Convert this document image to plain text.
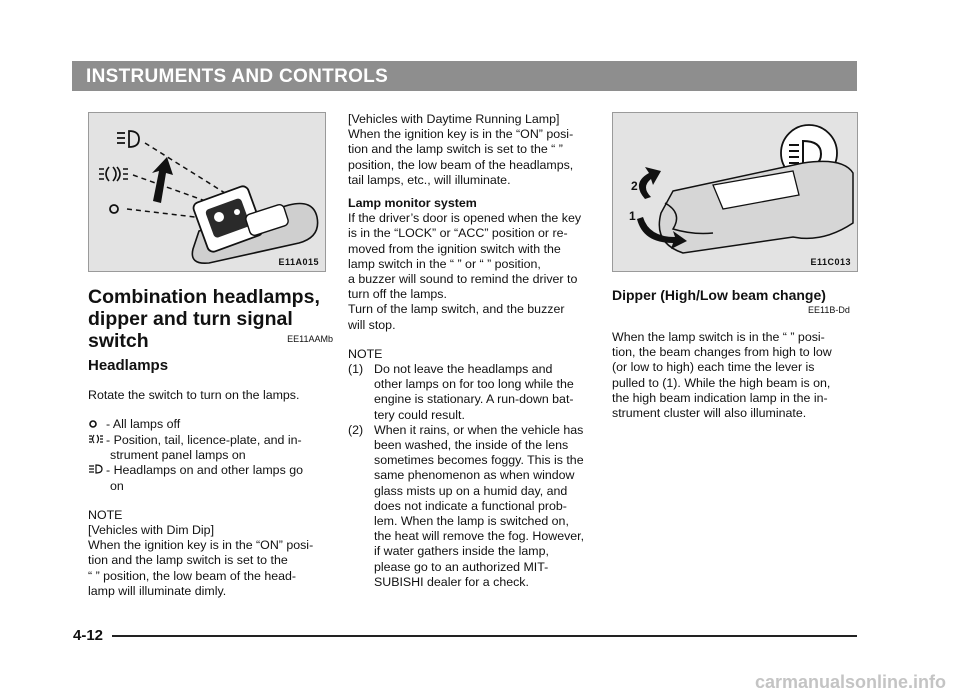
INSTRUMENTS AND CONTROLS
E11A015
Combination headlamps,
dipper and turn signal
switch	EE11AAMb

Headlamps

Rotate the switch to turn on the lamps.

- All lamps off
- Position, tail, licence-plate, and in-
strument panel lamps on
- Headlamps on and other lamps go
on

NOTE

[Vehicles with Dim Dip]

When the ignition key is in the “ON” posi-

tion and the lamp switch is set to the

“ ” position, the low beam of the head-

lamp will illuminate dimly.

[Vehicles with Daytime Running Lamp]

When the ignition key is in the “ON” posi-

tion and the lamp switch is set to the “ ”

position, the low beam of the headlamps,

tail lamps, etc., will illuminate.

Lamp monitor system

If the driver’s door is opened when the key

is in the “LOCK” or “ACC” position or re-

moved from the ignition switch with the

lamp switch in the “ ” or “ ” position,

a buzzer will sound to remind the driver to

turn off the lamps.

Turn of the lamp switch, and the buzzer

will stop.

NOTE

(1) Do not leave the headlamps and

other lamps on for too long while the

engine is stationary. A run-down bat-

tery could result.

(2) When it rains, or when the vehicle has

been washed, the inside of the lens

sometimes becomes foggy. This is the

same phenomenon as when window

glass mists up on a humid day, and

does not indicate a functional prob-

lem. When the lamp is switched on,

the heat will remove the fog. However,

if water gathers inside the lamp,

please go to an authorized MIT-

SUBISHI dealer for a check.

2
1
E11C013
Dipper (High/Low beam change)
EE11B-Dd

When the lamp switch is in the “ ” posi-

tion, the beam changes from high to low

(or low to high) each time the lever is

pulled to (1). While the high beam is on,

the high beam indication lamp in the in-

strument cluster will also illuminate.

4-12
carmanualsonline.info
